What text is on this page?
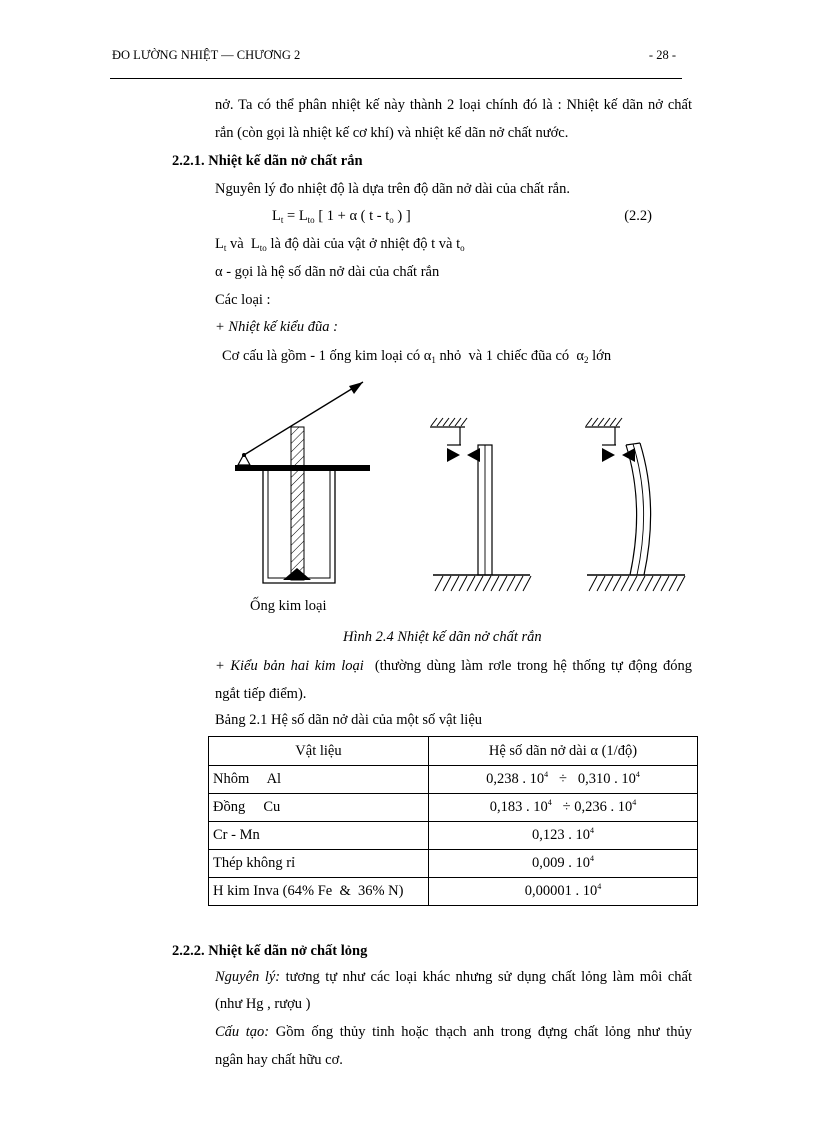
ĐO LƯỜNG NHIỆT — CHƯƠNG 2	- 28 -
nở. Ta có thể phân nhiệt kế này thành 2 loại chính đó là : Nhiệt kế dãn nở chất
rắn (còn gọi là nhiệt kế cơ khí) và nhiệt kế dãn nở chất nước.
2.2.1. Nhiệt kế dãn nở chất rắn
Nguyên lý đo nhiệt độ là dựa trên độ dãn nở dài của chất rắn.
$L_t = L_{to}$ [ 1 + α ( t - $t_o$ ) ]	(2.2)
$L_t$ và  $L_{to}$ là độ dài của vật ở nhiệt độ t và $t_o$
α - gọi là hệ số dãn nở dài của chất rắn
Các loại :
+ Nhiệt kế kiểu đũa :
Cơ cấu là gồm - 1 ống kim loại có $\alpha_1$ nhỏ  và 1 chiếc đũa có  $\alpha_2$ lớn
Ống kim loại
Hình 2.4 Nhiệt kế dãn nở chất rắn
+ Kiểu bản hai kim loại  (thường dùng làm rơle trong hệ thống tự động đóng
ngắt tiếp điểm).
Bảng 2.1 Hệ số dãn nở dài của một số vật liệu
Vật liệu	Hệ số dãn nở dài α (1/độ)
Nhôm     Al	0,238 . $10^4 \div 0,310$ . $10^4$
Đồng     Cu	0,183 . $10^4 \div 0,236$ . $10^4$
Cr - Mn	0,123 . $10^4$
Thép không rỉ	0,009 . $10^4$
H kim Inva (64% Fe  &  36% N)	0,00001 . $10^4$
2.2.2. Nhiệt kế dãn nở chất lỏng
Nguyên lý: tương tự như các loại khác nhưng sử dụng chất lỏng làm môi chất
(như Hg , rượu )
Cấu tạo: Gồm ống thủy tinh hoặc thạch anh trong đựng chất lỏng như thủy
ngân hay chất hữu cơ.
